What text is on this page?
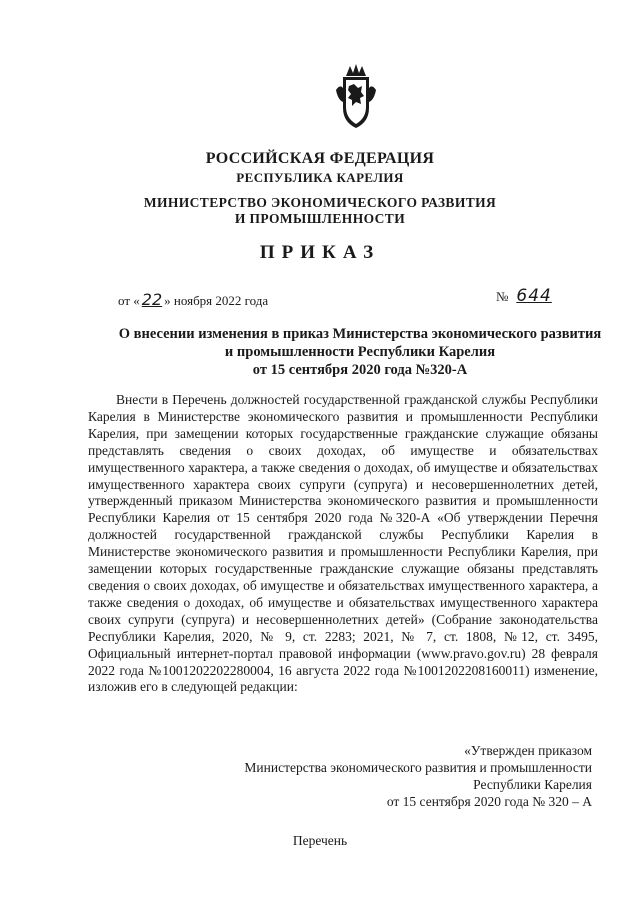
РОССИЙСКАЯ ФЕДЕРАЦИЯ
РЕСПУБЛИКА КАРЕЛИЯ
МИНИСТЕРСТВО ЭКОНОМИЧЕСКОГО РАЗВИТИЯ
И ПРОМЫШЛЕННОСТИ
ПРИКАЗ
от « 22 » ноября 2022 года	№ 644
О внесении изменения в приказ Министерства экономического развития
и промышленности Республики Карелия
от 15 сентября 2020 года №320-А

Внести в Перечень должностей государственной гражданской службы Республики Карелия в Министерстве экономического развития и промышленности Республики Карелия, при замещении которых государственные гражданские служащие обязаны представлять сведения о своих доходах, об имуществе и обязательствах имущественного характера, а также сведения о доходах, об имуществе и обязательствах имущественного характера своих супруги (супруга) и несовершеннолетних детей, утвержденный приказом Министерства экономического развития и промышленности Республики Карелия от 15 сентября 2020 года №320-А «Об утверждении Перечня должностей государственной гражданской службы Республики Карелия в Министерстве экономического развития и промышленности Республики Карелия, при замещении которых государственные гражданские служащие обязаны представлять сведения о своих доходах, об имуществе и обязательствах имущественного характера, а также сведения о доходах, об имуществе и обязательствах имущественного характера своих супруги (супруга) и несовершеннолетних детей» (Собрание законодательства Республики Карелия, 2020, № 9, ст. 2283; 2021, № 7, ст. 1808, №12, ст. 3495, Официальный интернет-портал правовой информации (www.pravo.gov.ru) 28 февраля 2022 года №1001202202280004, 16 августа 2022 года №1001202208160011) изменение, изложив его в следующей редакции:

«Утвержден приказом
Министерства экономического развития и промышленности
Республики Карелия
от 15 сентября 2020 года № 320 – А
Перечень
